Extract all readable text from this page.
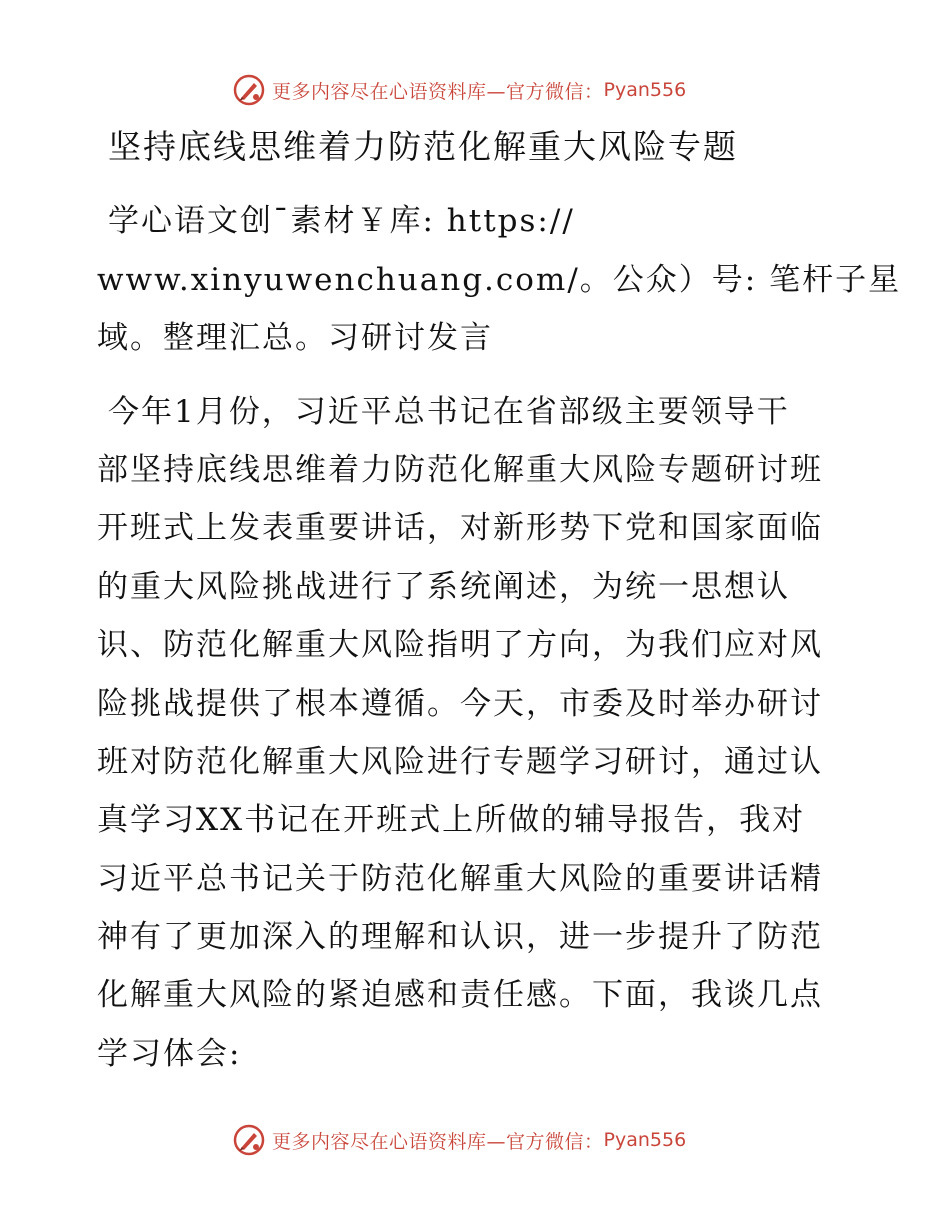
更多内容尽在心语资料库—官方微信： Pyan556
坚持底线思维着力防范化解重大风险专题
学心语文创¯素材￥库: https://
www.xinyuwenchuang.com/。公众）号: 笔杆子星
域。整理汇总。习研讨发言
今年1月份，习近平总书记在省部级主要领导干
部坚持底线思维着力防范化解重大风险专题研讨班
开班式上发表重要讲话，对新形势下党和国家面临
的重大风险挑战进行了系统阐述，为统一思想认
识、防范化解重大风险指明了方向，为我们应对风
险挑战提供了根本遵循。今天，市委及时举办研讨
班对防范化解重大风险进行专题学习研讨，通过认
真学习XX书记在开班式上所做的辅导报告，我对
习近平总书记关于防范化解重大风险的重要讲话精
神有了更加深入的理解和认识，进一步提升了防范
化解重大风险的紧迫感和责任感。下面，我谈几点
学习体会:
更多内容尽在心语资料库—官方微信： Pyan556
